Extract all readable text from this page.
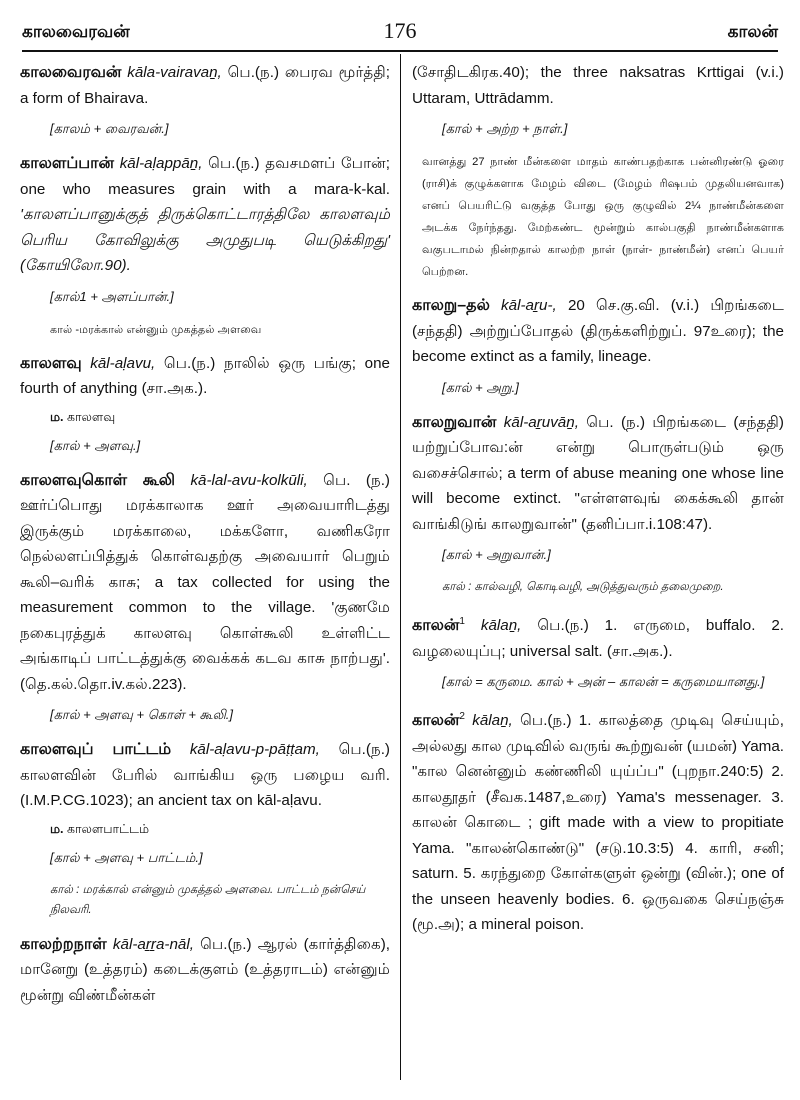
காலவைரவன்	176	காலன்

காலவைரவன் kāla-vairavaṉ, பெ.(ந.) பைரவ மூர்த்தி; a form of Bhairava.

[காலம் + வைரவன்.]

காலளப்பான் kāl-aḷappāṉ, பெ.(ந.) தவசமளப் போன்; one who measures grain with a mara-k-kal. 'காலளப்பானுக்குத் திருக்கொட்டாரத்திலே காலளவும் பெரிய கோவிலுக்கு அமுதுபடி யெடுக்கிறது' (கோயிலோ.90).

[கால்1 + அளப்பான்.]
கால் -மரக்கால் என்னும் முகத்தல் அளவை

காலளவு kāl-aḷavu, பெ.(ந.) நாலில் ஒரு பங்கு; one fourth of anything (சா.அக.).

ம. காலளவு
[கால் + அளவு.]

காலளவுகொள் கூலி kā-lal-avu-kolkūli, பெ. (ந.) ஊர்ப்பொது மரக்காலாக ஊர் அவையாரிடத்து இருக்கும் மரக்காலை, மக்களோ, வணிகரோ நெல்லளப்பித்துக் கொள்வதற்கு அவையார் பெறும் கூலி–வரிக் காசு; a tax collected for using the measurement common to the village. 'குணமே நகைபுரத்துக் காலளவு கொள்கூலி உள்ளிட்ட அங்காடிப் பாட்டத்துக்கு வைக்கக் கடவ காசு நாற்பது'. (தெ.கல்.தொ.iv.கல்.223).

[கால் + அளவு + கொள் + கூலி.]

காலளவுப் பாட்டம் kāl-aḷavu-p-pāṭṭam, பெ.(ந.) காலளவின் பேரில் வாங்கிய ஒரு பழைய வரி. (I.M.P.CG.1023); an ancient tax on kāl-aḷavu.

ம. காலளபாட்டம்
[கால் + அளவு + பாட்டம்.]
கால் : மரக்கால் என்னும் முகத்தல் அளவை. பாட்டம் நன்செய் நிலவரி.

காலற்றநாள் kāl-aṟṟa-nāl, பெ.(ந.) ஆரல் (கார்த்திகை), மானேறு (உத்தரம்) கடைக்குளம் (உத்தராடம்) என்னும் மூன்று விண்மீன்கள்

(சோதிடகிரக.40); the three naksatras Krttigai (v.i.) Uttaram, Uttrādamm.

[கால் + அற்ற + நாள்.]
வானத்து 27 நாண் மீன்களை மாதம் காண்பதற்காக பன்னிரண்டு ஓரை (ராசி)க் குழுக்களாக மேழம் விடை (மேழம் ரிஷபம் முதலியனவாக) எனப் பெயரிட்டு வகுத்த போது ஒரு குழுவில் 2¼ நாண்மீன்களை அடக்க நேர்ந்தது. மேற்கண்ட மூன்றும் கால்பகுதி நாண்மீன்களாக வகுபடாமல் நின்றதால் காலற்ற நாள் (நாள்- நாண்மீன்) எனப் பெயர் பெற்றன.

காலறு–தல் kāl-aṟu-, 20 செ.கு.வி. (v.i.) பிறங்கடை (சந்ததி) அற்றுப்போதல் (திருக்களிற்றுப். 97உரை); the become extinct as a family, lineage.

[கால் + அறு.]

காலறுவான் kāl-aṟuvāṉ, பெ. (ந.) பிறங்கடை (சந்ததி) யற்றுப்போவ:ன் என்று பொருள்படும் ஒரு வசைச்சொல்; a term of abuse meaning one whose line will become extinct. "எள்ளளவுங் கைக்கூலி தான் வாங்கிடுங் காலறுவான்" (தனிப்பா.i.108:47).

[கால் + அறுவான்.]
கால் : கால்வழி, கொடிவழி, அடுத்துவரும் தலைமுறை.

காலன்$^1$ kālaṉ, பெ.(ந.) 1. எருமை, buffalo. 2. வழலையுப்பு; universal salt. (சா.அக.).

[கால் = கருமை. கால் + அன் – காலன் = கருமையானது.]

காலன்$^2$ kālaṉ, பெ.(ந.) 1. காலத்தை முடிவு செய்யும், அல்லது கால முடிவில் வருங் கூற்றுவன் (யமன்) Yama. "கால னென்னும் கண்ணிலி யுய்ப்ப" (புறநா.240:5) 2. காலதூதர் (சீவக.1487,உரை) Yama's messenager. 3. காலன் கொடை ; gift made with a view to propitiate Yama. "காலன்கொண்டு" (சடு.10.3:5) 4. காரி, சனி; saturn. 5. கரந்துறை கோள்களுள் ஒன்று (வின்.); one of the unseen heavenly bodies. 6. ஒருவகை செய்நஞ்சு (மூ.அ); a mineral poison.
